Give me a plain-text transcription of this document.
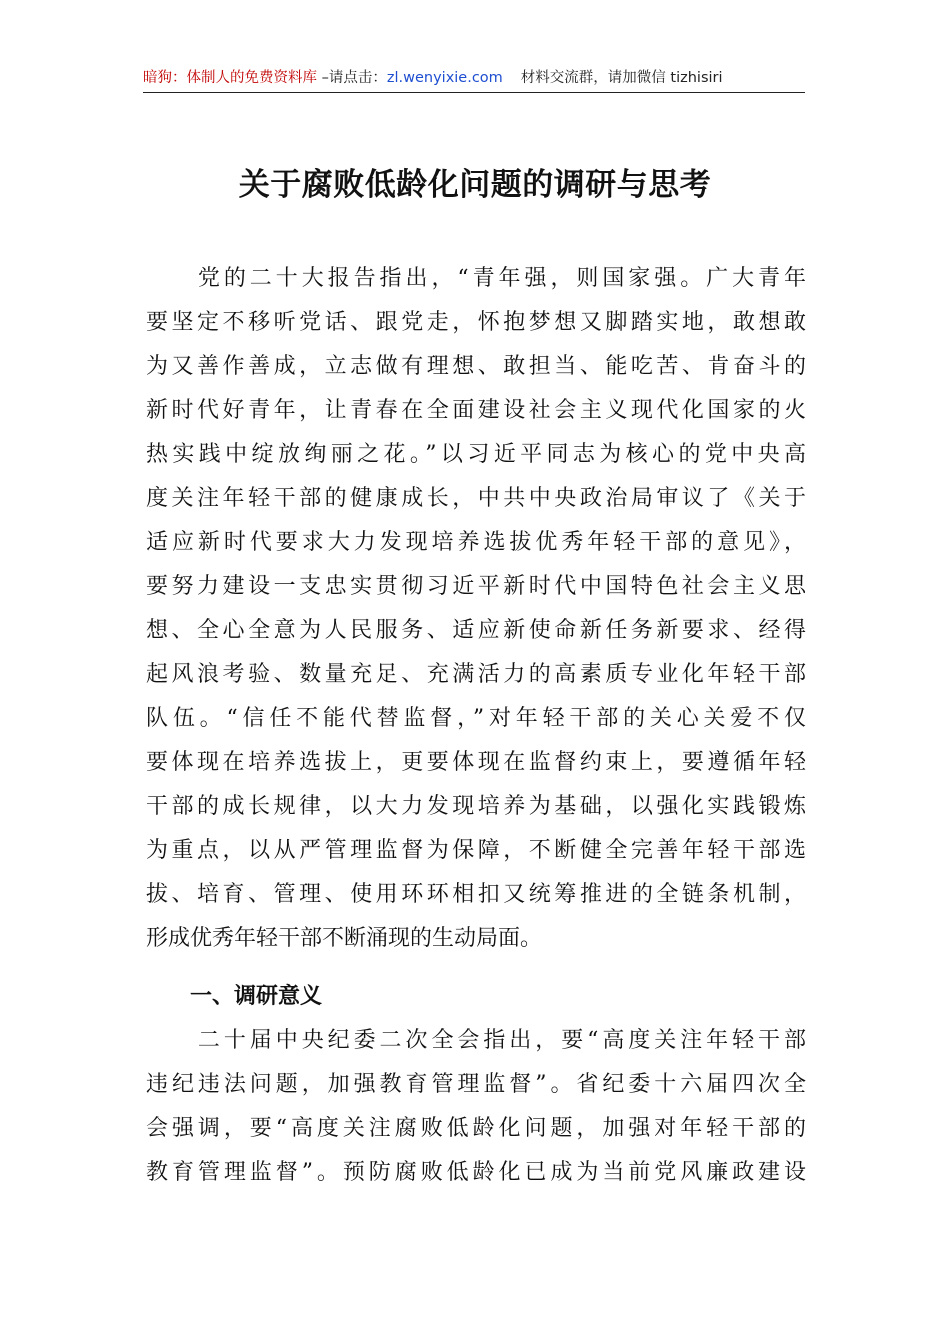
暗狗：体制人的免费资料库 –请点击：zl.wenyixie.com 材料交流群，请加微信 tizhisiri
关于腐败低龄化问题的调研与思考
　　党的二十大报告指出，“青年强，则国家强。广大青年
要坚定不移听党话、跟党走，怀抱梦想又脚踏实地，敢想敢
为又善作善成，立志做有理想、敢担当、能吃苦、肯奋斗的
新时代好青年，让青春在全面建设社会主义现代化国家的火
热实践中绽放绚丽之花。”以习近平同志为核心的党中央高
度关注年轻干部的健康成长，中共中央政治局审议了《关于
适应新时代要求大力发现培养选拔优秀年轻干部的意见》，
要努力建设一支忠实贯彻习近平新时代中国特色社会主义思
想、全心全意为人民服务、适应新使命新任务新要求、经得
起风浪考验、数量充足、充满活力的高素质专业化年轻干部
队伍。“信任不能代替监督，”对年轻干部的关心关爱不仅
要体现在培养选拔上，更要体现在监督约束上，要遵循年轻
干部的成长规律，以大力发现培养为基础，以强化实践锻炼
为重点，以从严管理监督为保障，不断健全完善年轻干部选
拔、培育、管理、使用环环相扣又统筹推进的全链条机制，
形成优秀年轻干部不断涌现的生动局面。
一、调研意义
　　二十届中央纪委二次全会指出，要“高度关注年轻干部
违纪违法问题，加强教育管理监督”。省纪委十六届四次全
会强调，要“高度关注腐败低龄化问题，加强对年轻干部的
教育管理监督”。预防腐败低龄化已成为当前党风廉政建设
